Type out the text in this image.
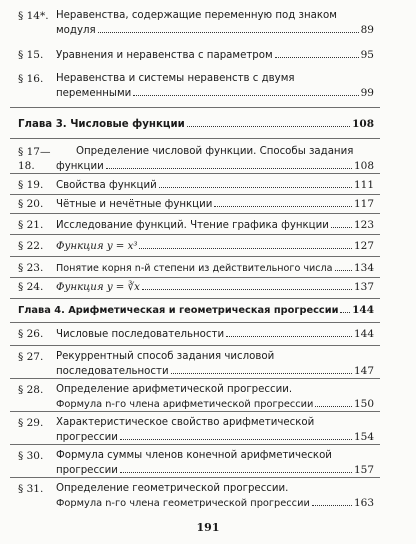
§ 14*. Неравенства, содержащие переменную под знаком
модуля	89
§ 15.	Уравнения и неравенства с параметром	95
§ 16.	Неравенства и системы неравенств с двумя
переменными	99
Глава 3. Числовые функции	108
§ 17—18.
Определение числовой функции. Способы задания
функции	108
§ 19.	Свойства функций	111
§ 20.	Чётные и нечётные функции	117
§ 21.	Исследование функций. Чтение графика функции 123
§ 22.	Функция y = x³	127
§ 23.	Понятие корня n-й степени из действительного числа 134
§ 24.	Функция y = ∛x	137
Глава 4. Арифметическая и геометрическая прогрессии 144
§ 26.	Числовые последовательности	144
§ 27.	Рекуррентный способ задания числовой
последовательности	147
§ 28.	Определение арифметической прогрессии.
Формула n-го члена арифметической прогрессии	150
§ 29.	Характеристическое свойство арифметической
прогрессии	154
§ 30.	Формула суммы членов конечной арифметической
прогрессии	157
§ 31.	Определение геометрической прогрессии.
Формула n-го члена геометрической прогрессии	163
191
